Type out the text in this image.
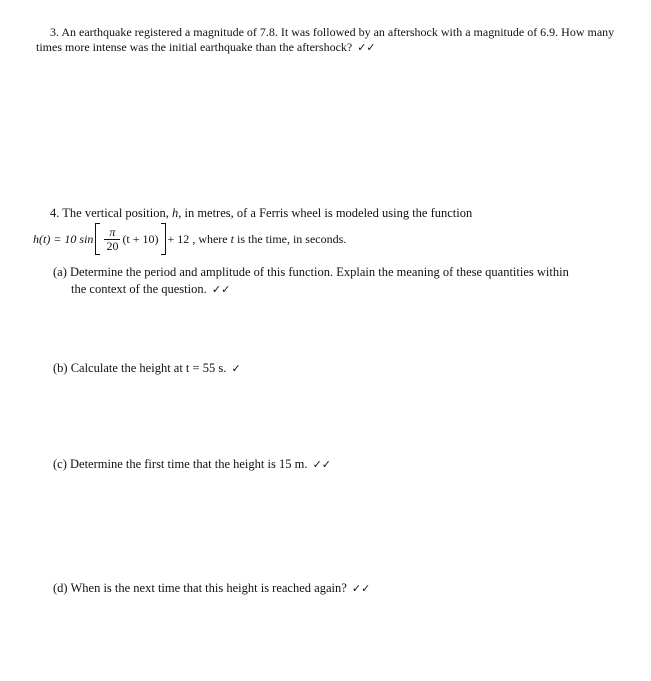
3. An earthquake registered a magnitude of 7.8. It was followed by an aftershock with a magnitude of 6.9. How many
times more intense was the initial earthquake than the aftershock? ✓✓
4. The vertical position, h, in metres, of a Ferris wheel is modeled using the function
h(t) = 10 $\sin \frac{\pi}{20} (t + 10) + 12$ , where t is the time, in seconds.
(a) Determine the period and amplitude of this function. Explain the meaning of these quantities within
the context of the question. ✓✓
(b) Calculate the height at t = 55 s. ✓
(c) Determine the first time that the height is 15 m. ✓✓
(d) When is the next time that this height is reached again? ✓✓
